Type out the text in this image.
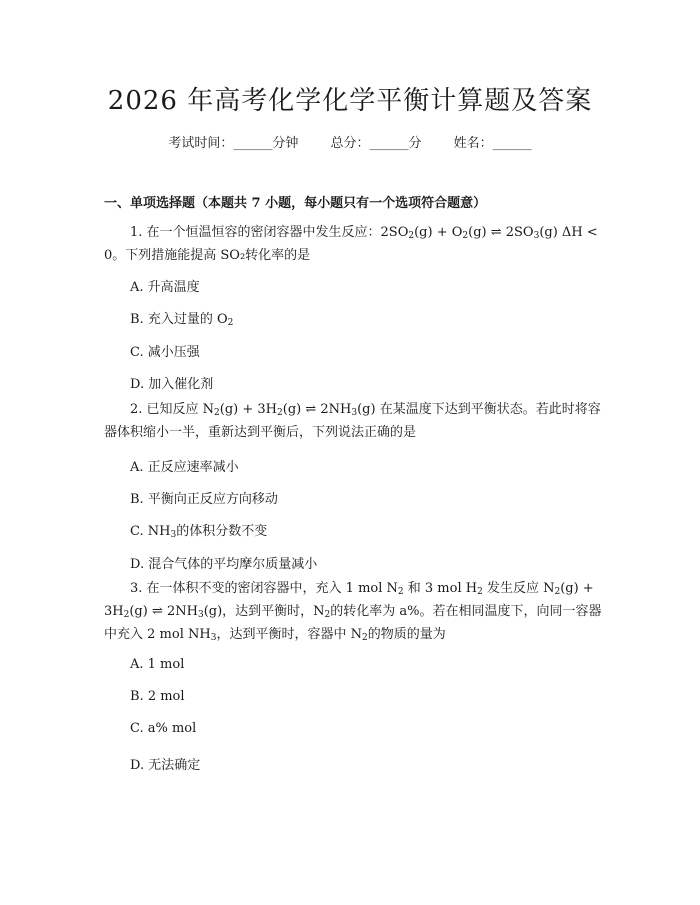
2026 年高考化学化学平衡计算题及答案
考试时间：______分钟 总分：______分 姓名：______
一、单项选择题（本题共 7 小题，每小题只有一个选项符合题意）
1. 在一个恒温恒容的密闭容器中发生反应：$2SO_2(g) + O_2(g)$ ⇌ $2SO_3(g) \Delta H < 0$。下列措施能提高 SO₂转化率的是
A. 升高温度
B. 充入过量的 $O_2$
C. 减小压强
D. 加入催化剂
2. 已知反应 $N_2(g) + 3H_2(g)$ ⇌ $2NH_3(g)$ 在某温度下达到平衡状态。若此时将容器体积缩小一半，重新达到平衡后，下列说法正确的是
A. 正反应速率减小
B. 平衡向正反应方向移动
C. $NH_3$的体积分数不变
D. 混合气体的平均摩尔质量减小
3. 在一体积不变的密闭容器中，充入 1 mol $N_2$ 和 3 mol $H_2$ 发生反应 $N_2(g) + 3H_2(g)$ ⇌ $2NH_3(g)$，达到平衡时，$N_2$的转化率为 a%。若在相同温度下，向同一容器中充入 2 mol $NH_3$，达到平衡时，容器中 $N_2$的物质的量为
A. 1 mol
B. 2 mol
C. a% mol
D. 无法确定
